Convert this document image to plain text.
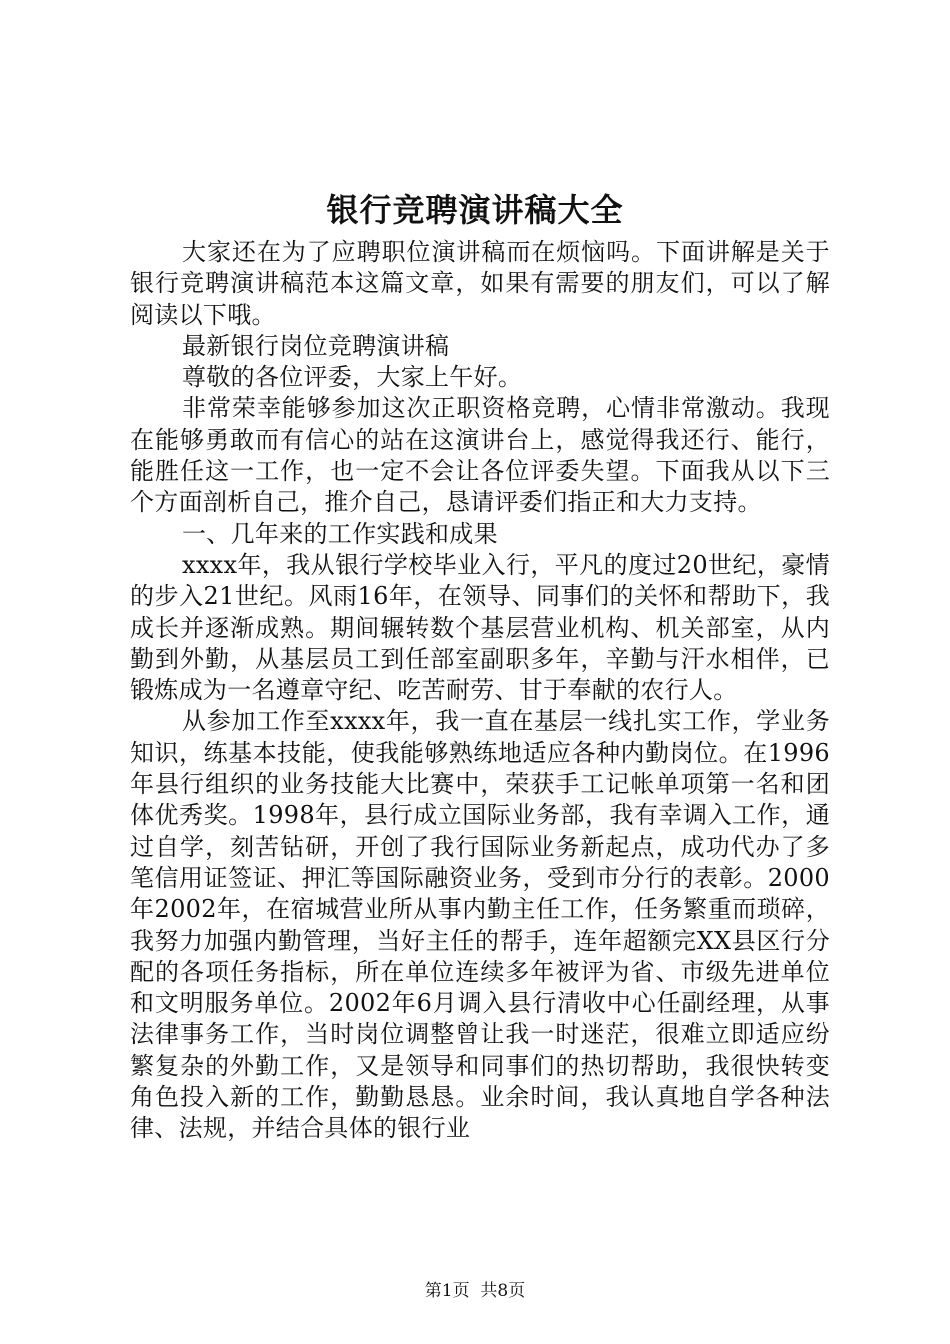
银行竞聘演讲稿大全

大家还在为了应聘职位演讲稿而在烦恼吗。下面讲解是关于银行竞聘演讲稿范本这篇文章，如果有需要的朋友们，可以了解阅读以下哦。

最新银行岗位竞聘演讲稿

尊敬的各位评委，大家上午好。

非常荣幸能够参加这次正职资格竞聘，心情非常激动。我现在能够勇敢而有信心的站在这演讲台上，感觉得我还行、能行，能胜任这一工作，也一定不会让各位评委失望。下面我从以下三个方面剖析自己，推介自己，恳请评委们指正和大力支持。

一、几年来的工作实践和成果

xxxx年，我从银行学校毕业入行，平凡的度过20世纪，豪情的步入21世纪。风雨16年，在领导、同事们的关怀和帮助下，我成长并逐渐成熟。期间辗转数个基层营业机构、机关部室，从内勤到外勤，从基层员工到任部室副职多年，辛勤与汗水相伴，已锻炼成为一名遵章守纪、吃苦耐劳、甘于奉献的农行人。

从参加工作至xxxx年，我一直在基层一线扎实工作，学业务知识，练基本技能，使我能够熟练地适应各种内勤岗位。在1996年县行组织的业务技能大比赛中，荣获手工记帐单项第一名和团体优秀奖。1998年，县行成立国际业务部，我有幸调入工作，通过自学，刻苦钻研，开创了我行国际业务新起点，成功代办了多笔信用证签证、押汇等国际融资业务，受到市分行的表彰。2000年2002年，在宿城营业所从事内勤主任工作，任务繁重而琐碎，我努力加强内勤管理，当好主任的帮手，连年超额完XX县区行分配的各项任务指标，所在单位连续多年被评为省、市级先进单位和文明服务单位。2002年6月调入县行清收中心任副经理，从事法律事务工作，当时岗位调整曾让我一时迷茫，很难立即适应纷繁复杂的外勤工作，又是领导和同事们的热切帮助，我很快转变角色投入新的工作，勤勤恳恳。业余时间，我认真地自学各种法律、法规，并结合具体的银行业

第1页  共8页
